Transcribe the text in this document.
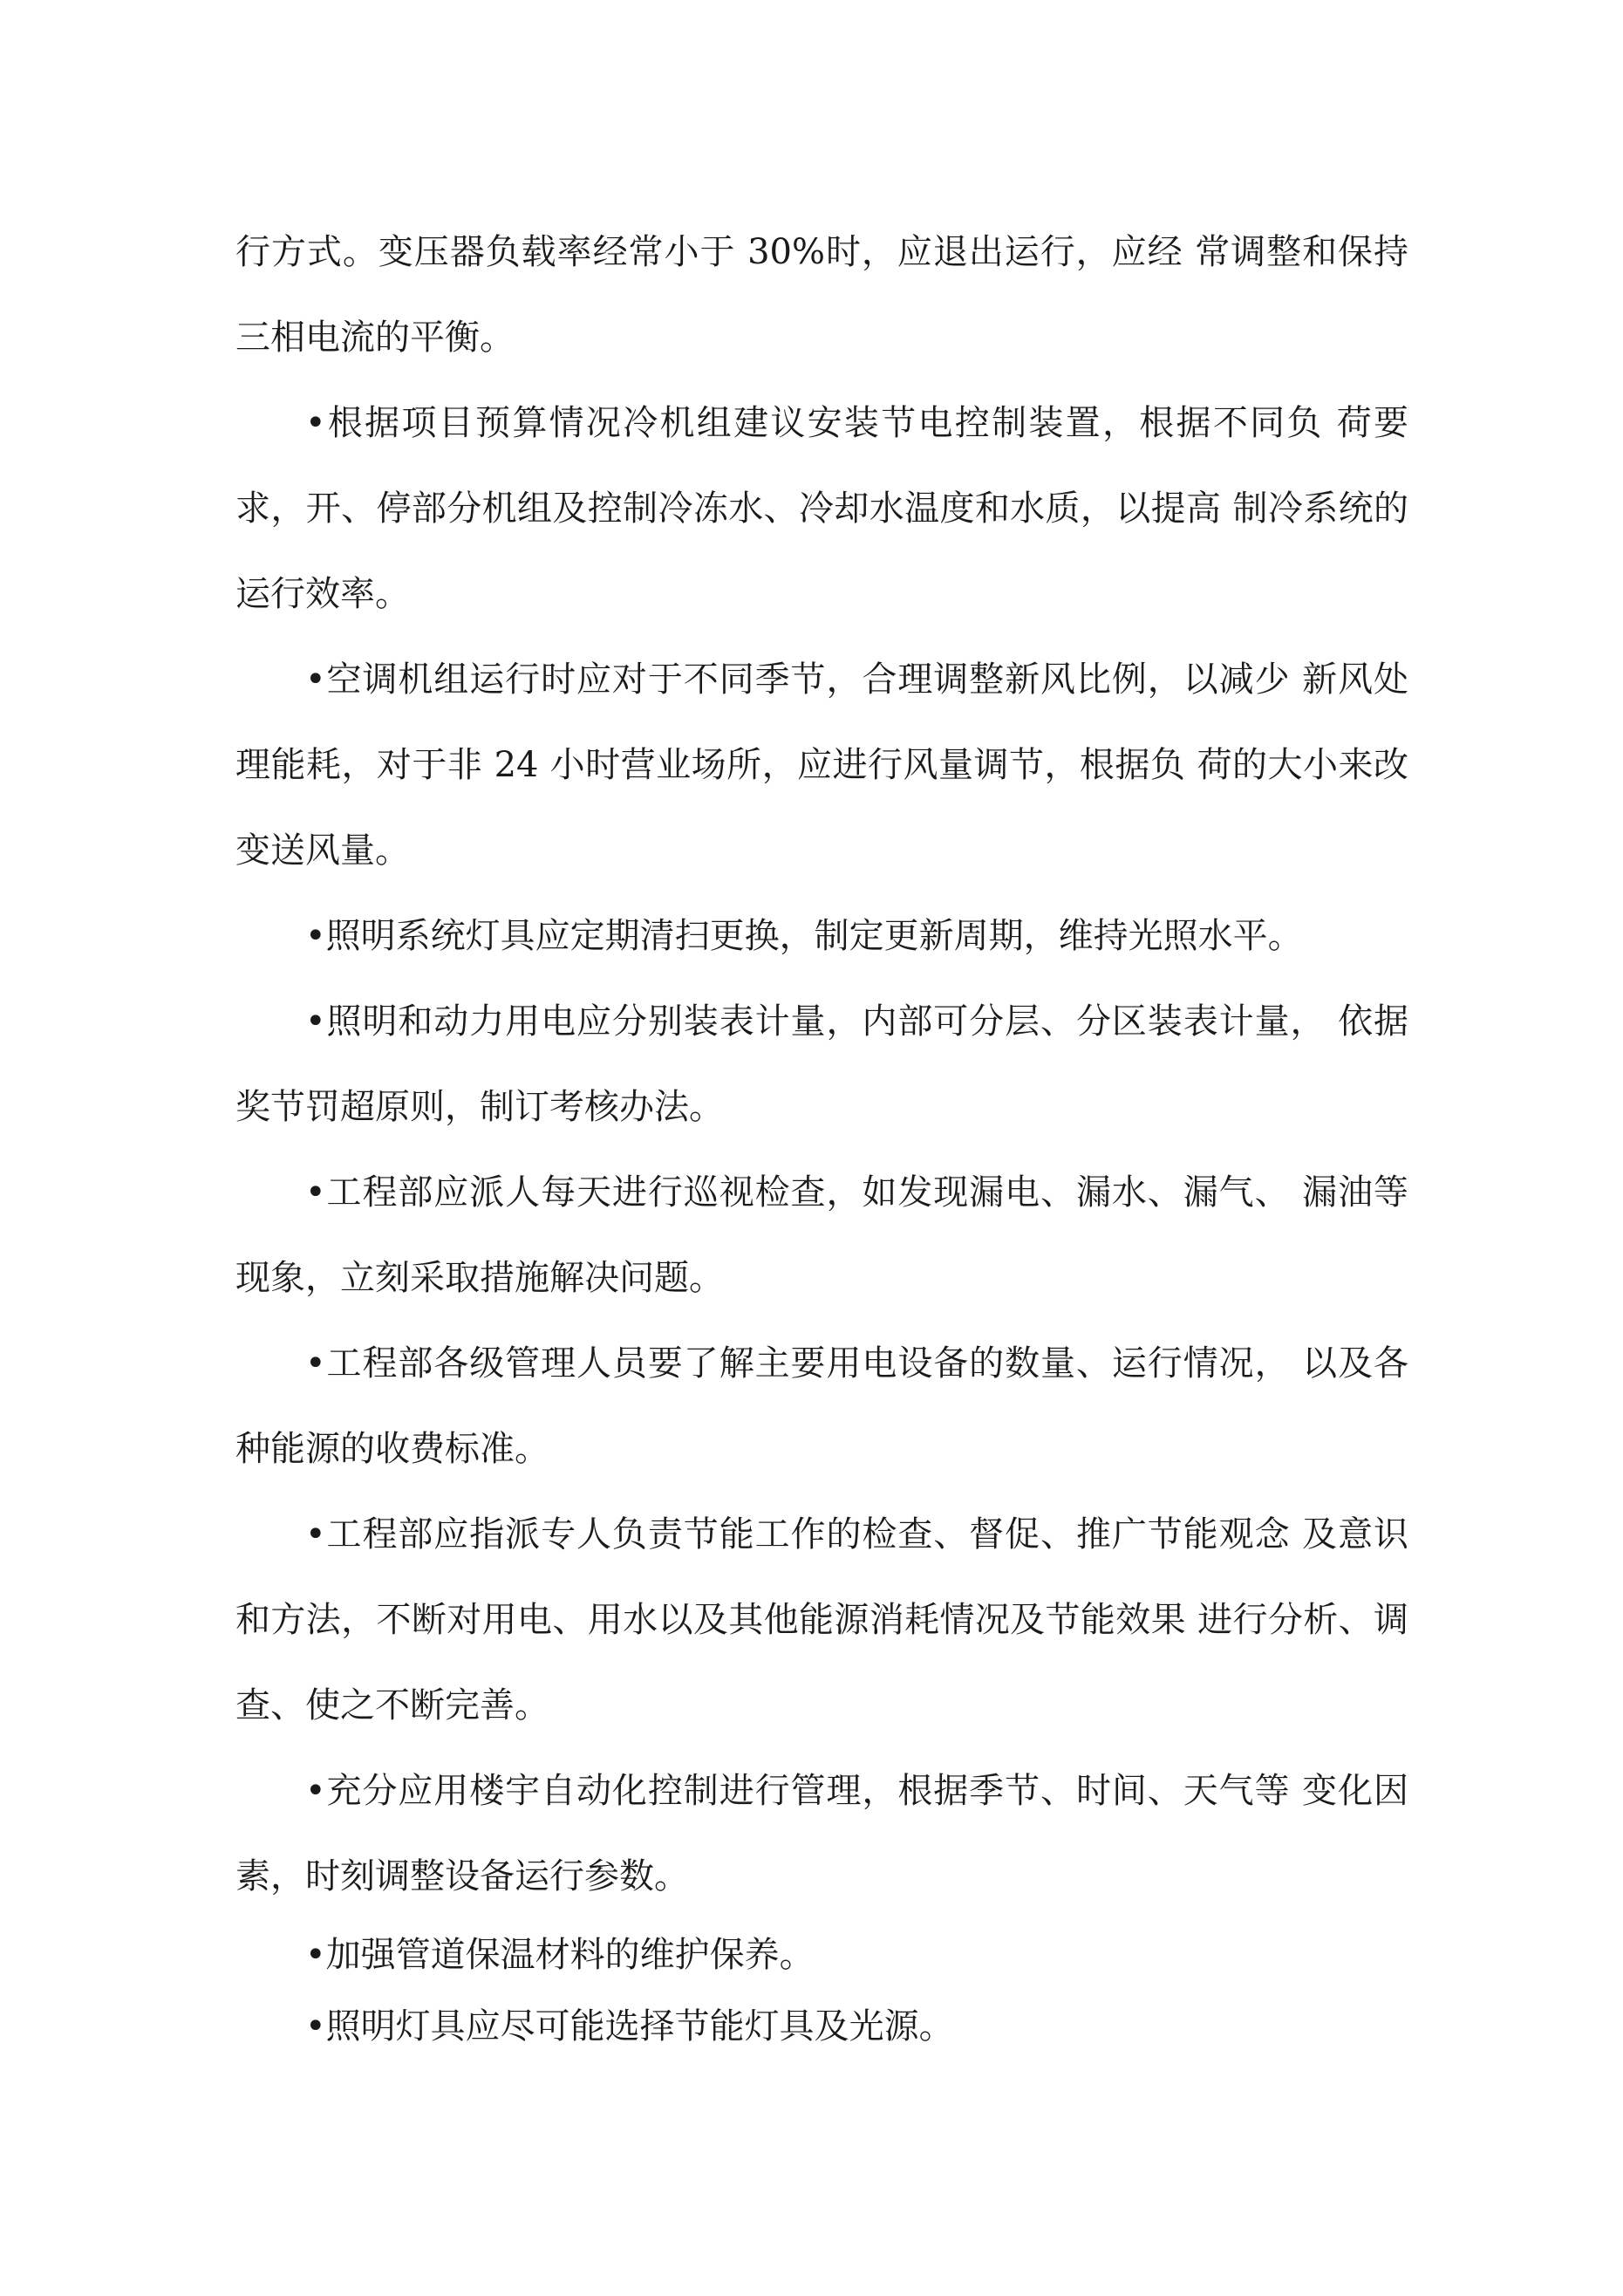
行方式。变压器负载率经常小于 30%时，应退出运行，应经 常调整和保持三相电流的平衡。

•根据项目预算情况冷机组建议安装节电控制装置，根据不同负 荷要求，开、停部分机组及控制冷冻水、冷却水温度和水质，以提高 制冷系统的运行效率。

•空调机组运行时应对于不同季节，合理调整新风比例，以减少 新风处理能耗，对于非 24 小时营业场所，应进行风量调节，根据负 荷的大小来改变送风量。

•照明系统灯具应定期清扫更换，制定更新周期，维持光照水平。

•照明和动力用电应分别装表计量，内部可分层、分区装表计量， 依据奖节罚超原则，制订考核办法。

•工程部应派人每天进行巡视检查，如发现漏电、漏水、漏气、 漏油等现象，立刻采取措施解决问题。

•工程部各级管理人员要了解主要用电设备的数量、运行情况， 以及各种能源的收费标准。

•工程部应指派专人负责节能工作的检查、督促、推广节能观念 及意识和方法，不断对用电、用水以及其他能源消耗情况及节能效果 进行分析、调查、使之不断完善。

•充分应用楼宇自动化控制进行管理，根据季节、时间、天气等 变化因素，时刻调整设备运行参数。

•加强管道保温材料的维护保养。

•照明灯具应尽可能选择节能灯具及光源。
